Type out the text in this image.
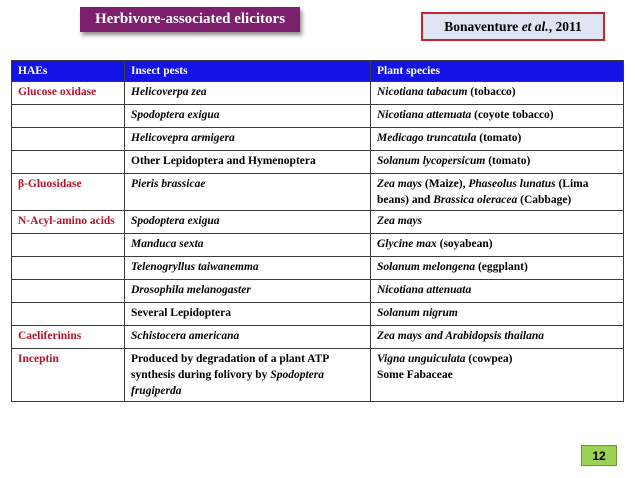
Herbivore-associated elicitors	Bonaventure
et al. , 2011
HAEs	Insect pests	Plant species
Glucose oxidase	Helicoverpa zea	Nicotiana tabacum (tobacco)
	Spodoptera exigua	Nicotiana attenuata (coyote tobacco)
	Helicovepra armigera	Medicago truncatula (tomato)
	Other Lepidoptera and Hymenoptera	Solanum lycopersicum (tomato)
β-Gluosidase	Pieris brassicae	Zea mays (Maize), Phaseolus lunatus (Lima beans) and Brassica oleracea (Cabbage)
N-Acyl-amino acids	Spodoptera exigua	Zea mays
	Manduca sexta	Glycine max (soyabean)
	Telenogryllus taiwanemma	Solanum melongena (eggplant)
	Drosophila melanogaster	Nicotiana attenuata
	Several Lepidoptera	Solanum nigrum
Caeliferinins	Schistocera americana	Zea mays and Arabidopsis thailana
Inceptin	Produced by degradation of a plant ATP synthesis during folivory by Spodoptera frugiperda	Vigna unguiculata (cowpea)
Some Fabaceae
12
